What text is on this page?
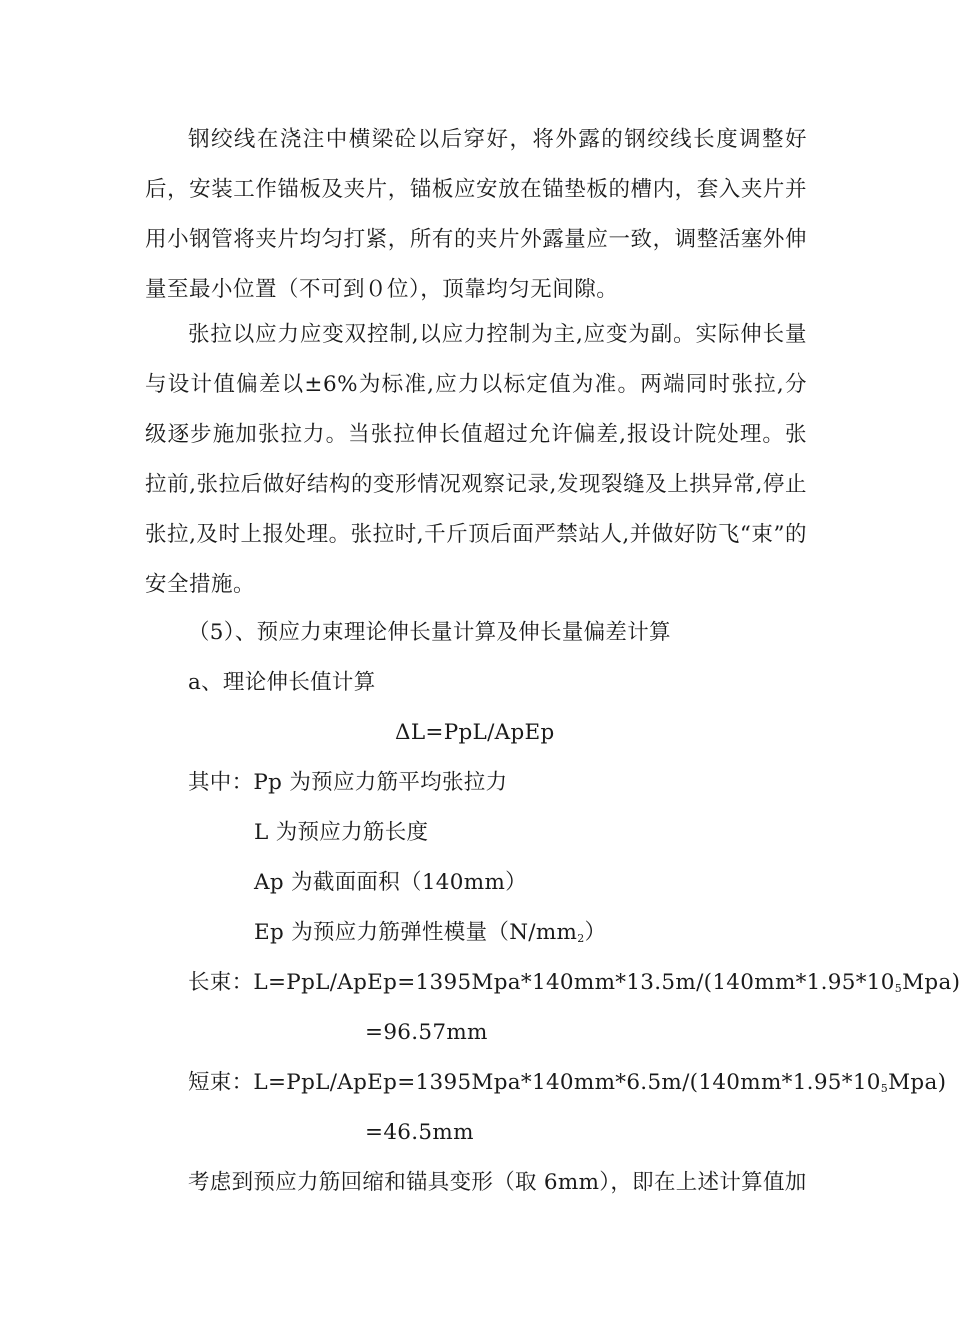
钢绞线在浇注中横梁砼以后穿好，将外露的钢绞线长度调整好后，安装工作锚板及夹片，锚板应安放在锚垫板的槽内，套入夹片并用小钢管将夹片均匀打紧，所有的夹片外露量应一致，调整活塞外伸量至最小位置（不可到０位），顶靠均匀无间隙。

张拉以应力应变双控制,以应力控制为主,应变为副。实际伸长量与设计值偏差以±6%为标准,应力以标定值为准。两端同时张拉,分级逐步施加张拉力。当张拉伸长值超过允许偏差,报设计院处理。张拉前,张拉后做好结构的变形情况观察记录,发现裂缝及上拱异常,停止张拉,及时上报处理。张拉时,千斤顶后面严禁站人,并做好防飞“束”的安全措施。

（5）、预应力束理论伸长量计算及伸长量偏差计算

a、理论伸长值计算

ΔL=PpL/ApEp

其中：Pp 为预应力筋平均张拉力

L 为预应力筋长度

Ap 为截面面积（140mm）

Ep 为预应力筋弹性模量$(N/mm_2)$

长束：$L=PpL/ApEp=1395Mpa*140mm*13.5m/(140mm*1.95*10_5Mpa)$

=96.57mm

短束：$L=PpL/ApEp=1395Mpa*140mm*6.5m/(140mm*1.95*10_5Mpa)$

=46.5mm

考虑到预应力筋回缩和锚具变形（取 6mm），即在上述计算值加
